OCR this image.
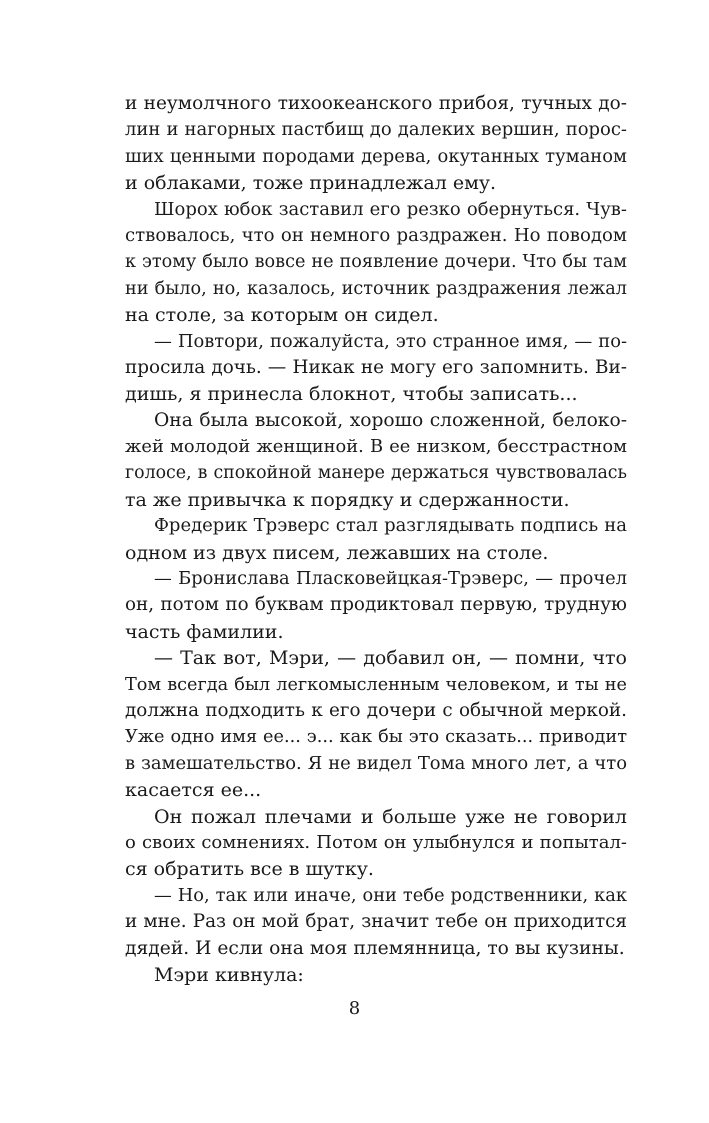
и неумолчного тихоокеанского прибоя, тучных до-
лин и нагорных пастбищ до далеких вершин, порос-
ших ценными породами дерева, окутанных туманом
и облаками, тоже принадлежал ему.
Шорох юбок заставил его резко обернуться. Чув-
ствовалось, что он немного раздражен. Но поводом
к этому было вовсе не появление дочери. Что бы там
ни было, но, казалось, источник раздражения лежал
на столе, за которым он сидел.
— Повтори, пожалуйста, это странное имя, — по-
просила дочь. — Никак не могу его запомнить. Ви-
дишь, я принесла блокнот, чтобы записать...
Она была высокой, хорошо сложенной, белоко-
жей молодой женщиной. В ее низком, бесстрастном
голосе, в спокойной манере держаться чувствовалась
та же привычка к порядку и сдержанности.
Фредерик Трэверс стал разглядывать подпись на
одном из двух писем, лежавших на столе.
— Брониславa Пласковейцкая-Трэверс, — прочел
он, потом по буквам продиктовал первую, трудную
часть фамилии.
— Так вот, Мэри, — добавил он, — помни, что
Том всегда был легкомысленным человеком, и ты не
должна подходить к его дочери с обычной меркой.
Уже одно имя ее... э... как бы это сказать... приводит
в замешательство. Я не видел Тома много лет, а что
касается ее...
Он пожал плечами и больше уже не говорил
о своих сомнениях. Потом он улыбнулся и попытал-
ся обратить все в шутку.
— Но, так или иначе, они тебе родственники, как
и мне. Раз он мой брат, значит тебе он приходится
дядей. И если она моя племянница, то вы кузины.
Мэри кивнула:
8
